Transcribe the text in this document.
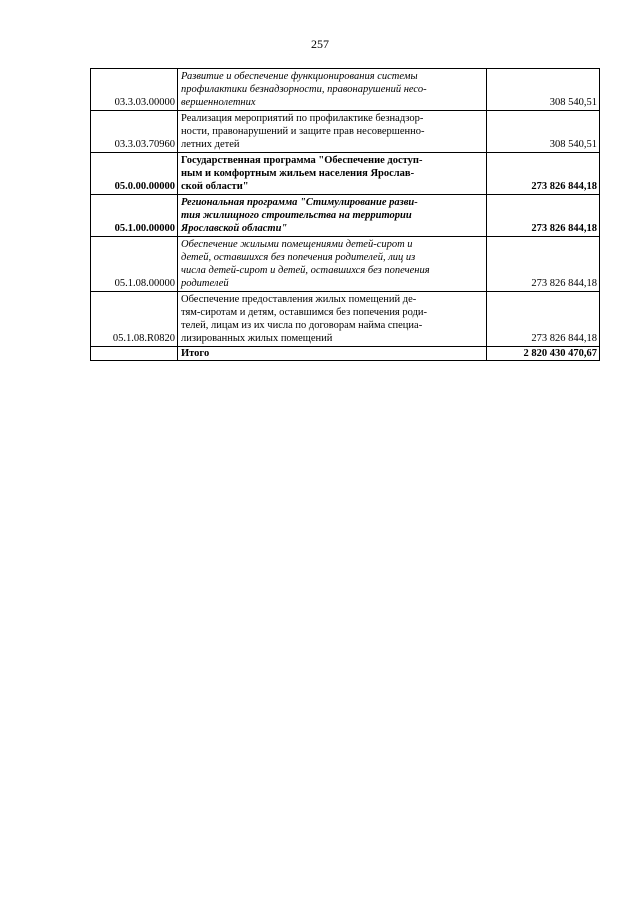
257
03.3.03.00000	Развитие и обеспечение функционирования системы
профилактики безнадзорности, правонарушений несо-
вершеннолетних	308 540,51
03.3.03.70960	Реализация мероприятий по профилактике безнадзор-
ности, правонарушений и защите прав несовершенно-
летних детей	308 540,51
05.0.00.00000	Государственная программа "Обеспечение доступ-
ным и комфортным жильем населения Ярослав-
ской области"	273 826 844,18
05.1.00.00000	Региональная программа "Стимулирование разви-
тия жилищного строительства на территории
Ярославской области"	273 826 844,18
05.1.08.00000	Обеспечение жилыми помещениями детей-сирот и
детей, оставшихся без попечения родителей, лиц из
числа детей-сирот и детей, оставшихся без попечения
родителей	273 826 844,18
05.1.08.R0820	Обеспечение предоставления жилых помещений де-
тям-сиротам и детям, оставшимся без попечения роди-
телей, лицам из их числа по договорам найма специа-
лизированных жилых помещений	273 826 844,18
	Итого	2 820 430 470,67
